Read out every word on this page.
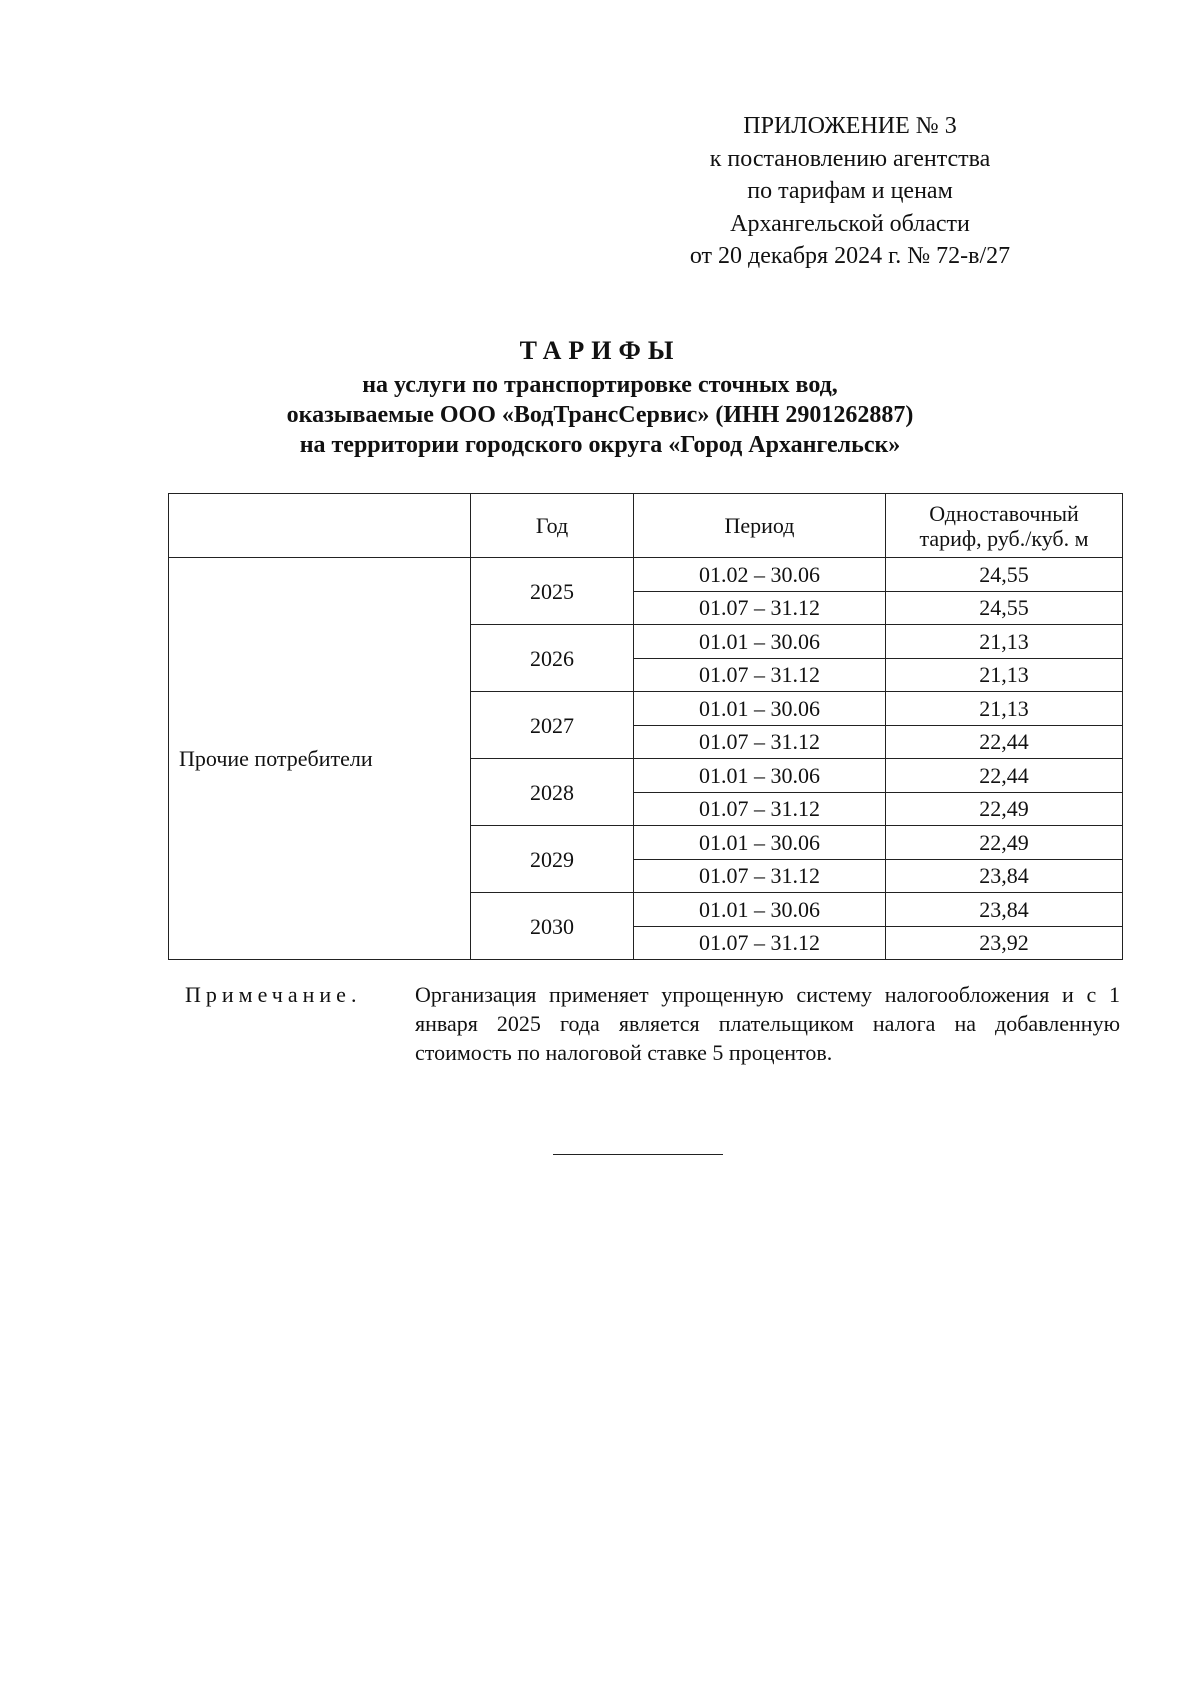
ПРИЛОЖЕНИЕ № 3
к постановлению агентства
по тарифам и ценам
Архангельской области
от 20 декабря 2024 г. № 72-в/27
ТАРИФЫ
на услуги по транспортировке сточных вод,
оказываемые ООО «ВодТрансСервис» (ИНН 2901262887)
на территории городского округа «Город Архангельск»
	Год	Период	Одноставочный тариф, руб./куб. м
Прочие потребители	2025	01.02 – 30.06	24,55
		01.07 – 31.12	24,55
	2026	01.01 – 30.06	21,13
		01.07 – 31.12	21,13
	2027	01.01 – 30.06	21,13
		01.07 – 31.12	22,44
	2028	01.01 – 30.06	22,44
		01.07 – 31.12	22,49
	2029	01.01 – 30.06	22,49
		01.07 – 31.12	23,84
	2030	01.01 – 30.06	23,84
		01.07 – 31.12	23,92
Примечание. Организация применяет упрощенную систему налогообложения и с 1 января 2025 года является плательщиком налога на добавленную стоимость по налоговой ставке 5 процентов.
